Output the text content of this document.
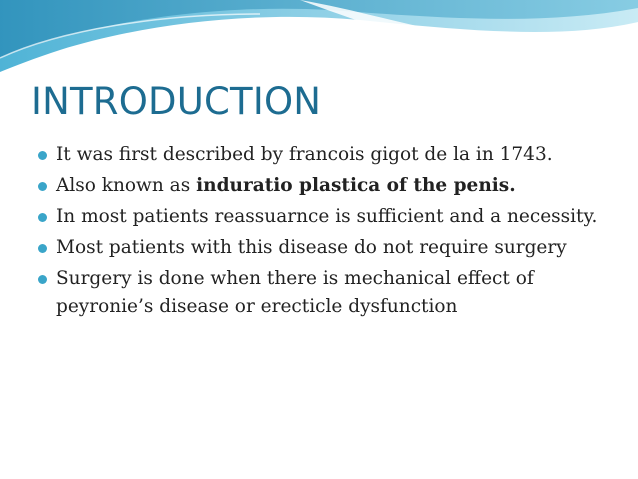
INTRODUCTION
It was first described by francois gigot de la in 1743.
Also known as induratio plastica of the penis.
In most patients reassuarnce is sufficient and a necessity.
Most patients with this disease do not require surgery
Surgery is done when there is mechanical effect of peyronie’s disease or erecticle dysfunction
